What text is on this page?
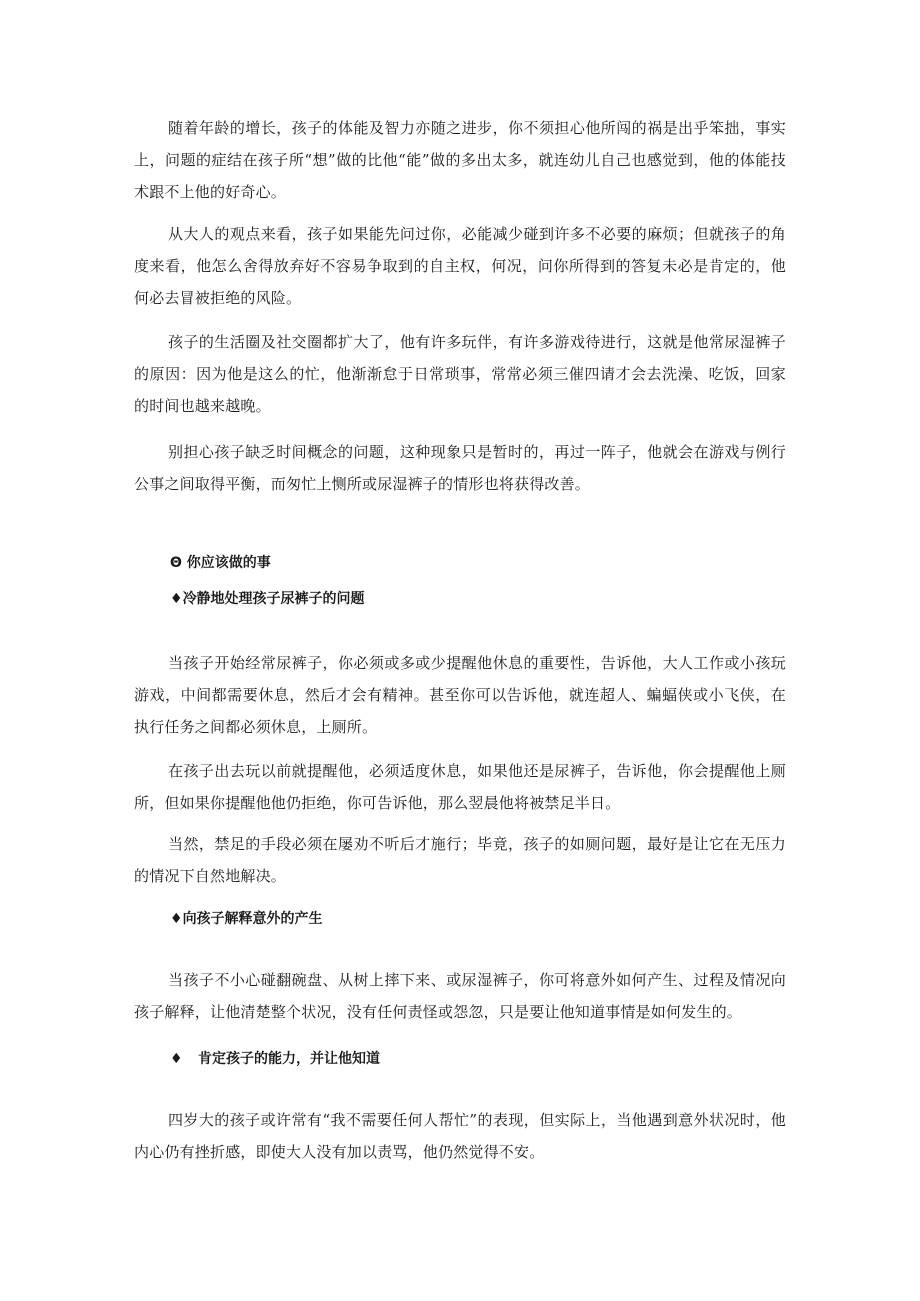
随着年龄的增长，孩子的体能及智力亦随之进步，你不须担心他所闯的祸是出乎笨拙，事实上，问题的症结在孩子所“想”做的比他“能”做的多出太多，就连幼儿自己也感觉到，他的体能技术跟不上他的好奇心。

从大人的观点来看，孩子如果能先问过你，必能减少碰到许多不必要的麻烦；但就孩子的角度来看，他怎么舍得放弃好不容易争取到的自主权，何况，问你所得到的答复未必是肯定的，他何必去冒被拒绝的风险。

孩子的生活圈及社交圈都扩大了，他有许多玩伴，有许多游戏待进行，这就是他常尿湿裤子的原因：因为他是这么的忙，他渐渐怠于日常琐事，常常必须三催四请才会去洗澡、吃饭，回家的时间也越来越晚。

别担心孩子缺乏时间概念的问题，这种现象只是暂时的，再过一阵子，他就会在游戏与例行公事之间取得平衡，而匆忙上恻所或尿湿裤子的情形也将获得改善。

Θ 你应该做的事
♦冷静地处理孩子尿裤子的问题

当孩子开始经常尿裤子，你必须或多或少提醒他休息的重要性，告诉他，大人工作或小孩玩游戏，中间都需要休息，然后才会有精神。甚至你可以告诉他，就连超人、蝙蝠侠或小飞侠，在执行任务之间都必须休息，上厕所。

在孩子出去玩以前就提醒他，必须适度休息，如果他还是尿裤子，告诉他，你会提醒他上厕所，但如果你提醒他他仍拒绝，你可告诉他，那么翌晨他将被禁足半日。

当然，禁足的手段必须在屡劝不听后才施行；毕竟，孩子的如厕问题，最好是让它在无压力的情况下自然地解决。

♦向孩子解释意外的产生

当孩子不小心碰翻碗盘、从树上摔下来、或尿湿裤子，你可将意外如何产生、过程及情况向孩子解释，让他清楚整个状况，没有任何责怪或怨忽，只是要让他知道事情是如何发生的。

♦ 肯定孩子的能力，并让他知道

四岁大的孩子或许常有“我不需要任何人帮忙”的表现，但实际上，当他遇到意外状况时，他内心仍有挫折感，即使大人没有加以责骂，他仍然觉得不安。
